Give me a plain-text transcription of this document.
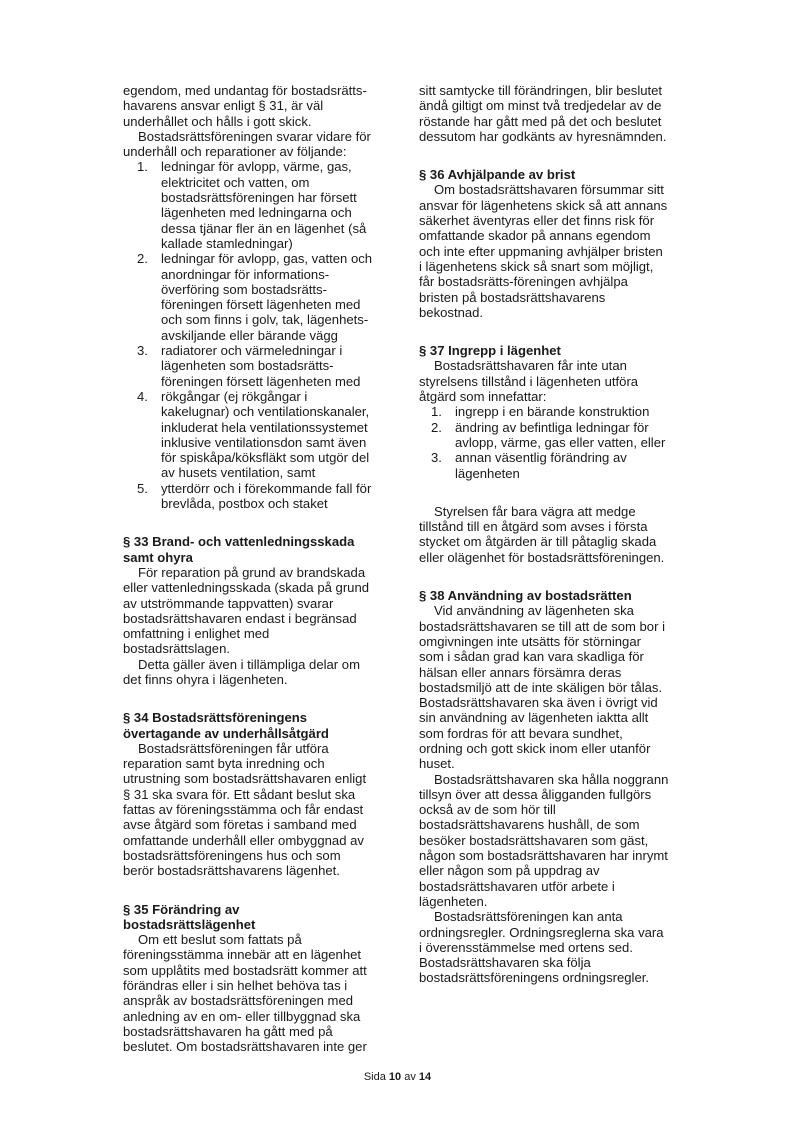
egendom, med undantag för bostadsrätts-havarens ansvar enligt § 31, är väl underhållet och hålls i gott skick.

Bostadsrättsföreningen svarar vidare för underhåll och reparationer av följande:

1. ledningar för avlopp, värme, gas, elektricitet och vatten, om bostadsrättsföreningen har försett lägenheten med ledningarna och dessa tjänar fler än en lägenhet (så kallade stamledningar)
2. ledningar för avlopp, gas, vatten och anordningar för informations-överföring som bostadsrätts-föreningen försett lägenheten med och som finns i golv, tak, lägenhets-avskiljande eller bärande vägg
3. radiatorer och värmeledningar i lägenheten som bostadsrätts-föreningen försett lägenheten med
4. rökgångar (ej rökgångar i kakelugnar) och ventilationskanaler, inkluderat hela ventilationssystemet inklusive ventilationsdon samt även för spiskåpa/köksfläkt som utgör del av husets ventilation, samt
5. ytterdörr och i förekommande fall för brevlåda, postbox och staket
§ 33 Brand- och vattenledningsskada samt ohyra

För reparation på grund av brandskada eller vattenledningsskada (skada på grund av utströmmande tappvatten) svarar bostadsrättshavaren endast i begränsad omfattning i enlighet med bostadsrättslagen.

Detta gäller även i tillämpliga delar om det finns ohyra i lägenheten.

§ 34 Bostadsrättsföreningens övertagande av underhållsåtgärd

Bostadsrättsföreningen får utföra reparation samt byta inredning och utrustning som bostadsrättshavaren enligt § 31 ska svara för. Ett sådant beslut ska fattas av föreningsstämma och får endast avse åtgärd som företas i samband med omfattande underhåll eller ombyggnad av bostadsrättsföreningens hus och som berör bostadsrättshavarens lägenhet.

§ 35 Förändring av bostadsrättslägenhet

Om ett beslut som fattats på föreningsstämma innebär att en lägenhet som upplåtits med bostadsrätt kommer att förändras eller i sin helhet behöva tas i anspråk av bostadsrättsföreningen med anledning av en om- eller tillbyggnad ska bostadsrättshavaren ha gått med på beslutet. Om bostadsrättshavaren inte ger

sitt samtycke till förändringen, blir beslutet ändå giltigt om minst två tredjedelar av de röstande har gått med på det och beslutet dessutom har godkänts av hyresnämnden.

§ 36 Avhjälpande av brist

Om bostadsrättshavaren försummar sitt ansvar för lägenhetens skick så att annans säkerhet äventyras eller det finns risk för omfattande skador på annans egendom och inte efter uppmaning avhjälper bristen i lägenhetens skick så snart som möjligt, får bostadsrätts-föreningen avhjälpa bristen på bostadsrättshavarens bekostnad.

§ 37 Ingrepp i lägenhet

Bostadsrättshavaren får inte utan styrelsens tillstånd i lägenheten utföra åtgärd som innefattar:

1. ingrepp i en bärande konstruktion
2. ändring av befintliga ledningar för avlopp, värme, gas eller vatten, eller
3. annan väsentlig förändring av lägenheten

Styrelsen får bara vägra att medge tillstånd till en åtgärd som avses i första stycket om åtgärden är till påtaglig skada eller olägenhet för bostadsrättsföreningen.

§ 38 Användning av bostadsrätten

Vid användning av lägenheten ska bostadsrättshavaren se till att de som bor i omgivningen inte utsätts för störningar som i sådan grad kan vara skadliga för hälsan eller annars försämra deras bostadsmiljö att de inte skäligen bör tålas. Bostadsrättshavaren ska även i övrigt vid sin användning av lägenheten iaktta allt som fordras för att bevara sundhet, ordning och gott skick inom eller utanför huset.

Bostadsrättshavaren ska hålla noggrann tillsyn över att dessa åligganden fullgörs också av de som hör till bostadsrättshavarens hushåll, de som besöker bostadsrättshavaren som gäst, någon som bostadsrättshavaren har inrymt eller någon som på uppdrag av bostadsrättshavaren utför arbete i lägenheten.

Bostadsrättsföreningen kan anta ordningsregler. Ordningsreglerna ska vara i överensstämmelse med ortens sed. Bostadsrättshavaren ska följa bostadsrättsföreningens ordningsregler.

Sida 10 av 14
